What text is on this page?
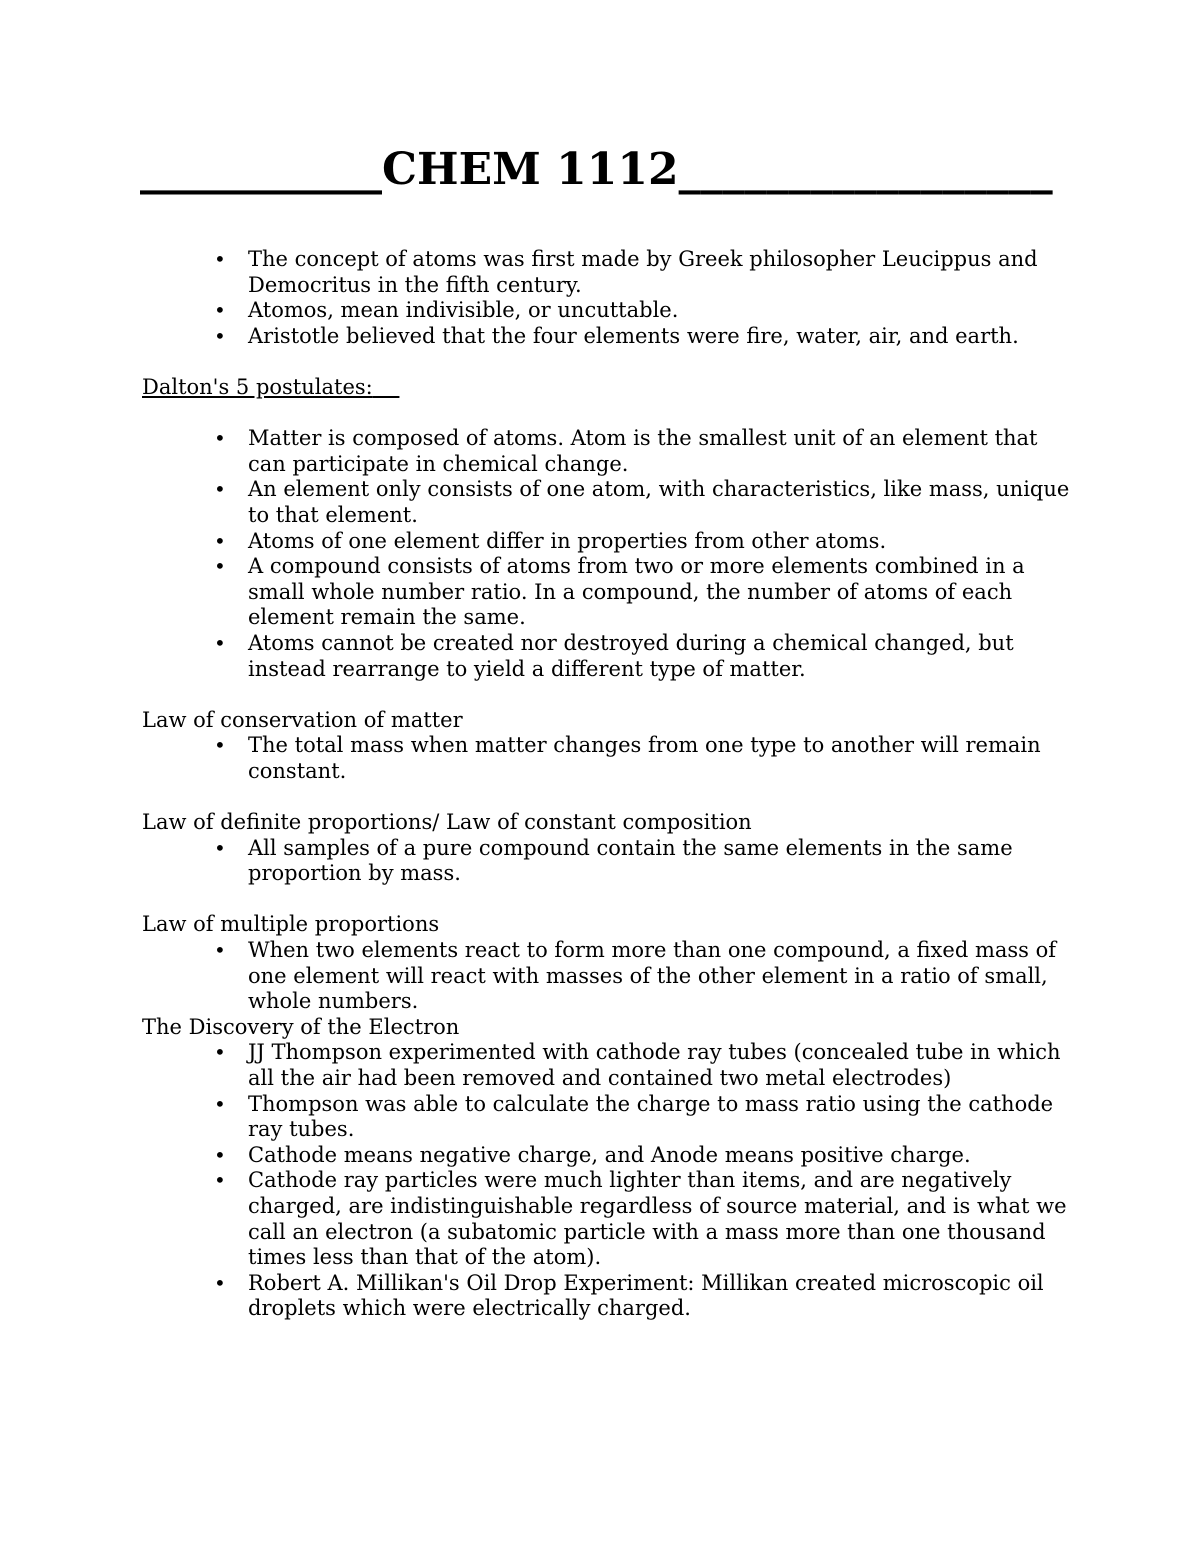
___________CHEM 1112_________________
• The concept of atoms was first made by Greek philosopher Leucippus and Democritus in the fifth century.
• Atomos, mean indivisible, or uncuttable.
• Aristotle believed that the four elements were fire, water, air, and earth.

Dalton's 5 postulates:

• Matter is composed of atoms. Atom is the smallest unit of an element that can participate in chemical change.
• An element only consists of one atom, with characteristics, like mass, unique to that element.
• Atoms of one element differ in properties from other atoms.
• A compound consists of atoms from two or more elements combined in a small whole number ratio. In a compound, the number of atoms of each element remain the same.
• Atoms cannot be created nor destroyed during a chemical changed, but instead rearrange to yield a different type of matter.

Law of conservation of matter

• The total mass when matter changes from one type to another will remain constant.

Law of definite proportions/ Law of constant composition

• All samples of a pure compound contain the same elements in the same proportion by mass.

Law of multiple proportions

• When two elements react to form more than one compound, a fixed mass of one element will react with masses of the other element in a ratio of small, whole numbers.

The Discovery of the Electron

• JJ Thompson experimented with cathode ray tubes (concealed tube in which all the air had been removed and contained two metal electrodes)
• Thompson was able to calculate the charge to mass ratio using the cathode ray tubes.
• Cathode means negative charge, and Anode means positive charge.
• Cathode ray particles were much lighter than items, and are negatively charged, are indistinguishable regardless of source material, and is what we call an electron (a subatomic particle with a mass more than one thousand times less than that of the atom).
• Robert A. Millikan's Oil Drop Experiment: Millikan created microscopic oil droplets which were electrically charged.
